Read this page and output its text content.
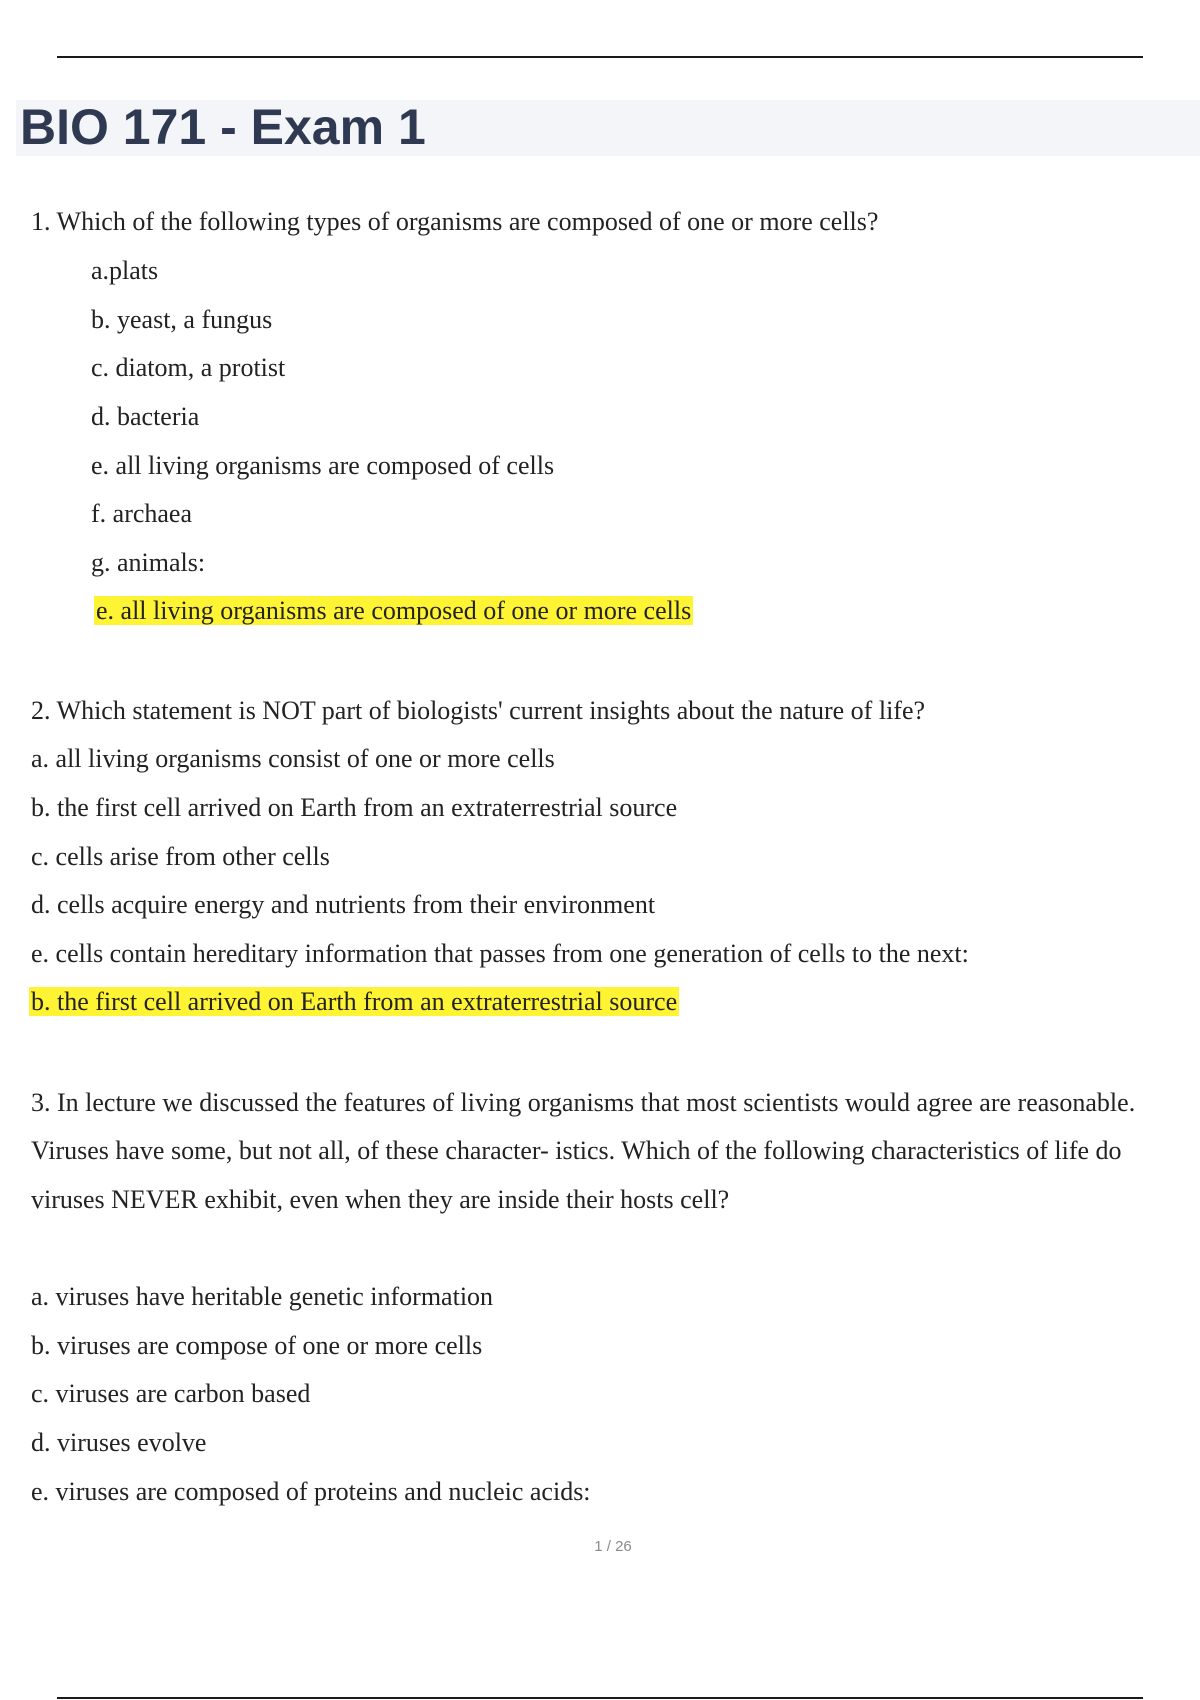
BIO 171 - Exam 1
1. Which of the following types of organisms are composed of one or more cells?
a.plats
b. yeast, a fungus
c. diatom, a protist
d. bacteria
e. all living organisms are composed of cells
f. archaea
g. animals:
e. all living organisms are composed of one or more cells
2. Which statement is NOT part of biologists' current insights about the nature of life?
a. all living organisms consist of one or more cells
b. the first cell arrived on Earth from an extraterrestrial source
c. cells arise from other cells
d. cells acquire energy and nutrients from their environment
e. cells contain hereditary information that passes from one generation of cells to the next:
b. the first cell arrived on Earth from an extraterrestrial source
3. In lecture we discussed the features of living organisms that most scientists would agree are reasonable.
Viruses have some, but not all, of these character- istics. Which of the following characteristics of life do
viruses NEVER exhibit, even when they are inside their hosts cell?
a. viruses have heritable genetic information
b. viruses are compose of one or more cells
c. viruses are carbon based
d. viruses evolve
e. viruses are composed of proteins and nucleic acids:
1 / 26
